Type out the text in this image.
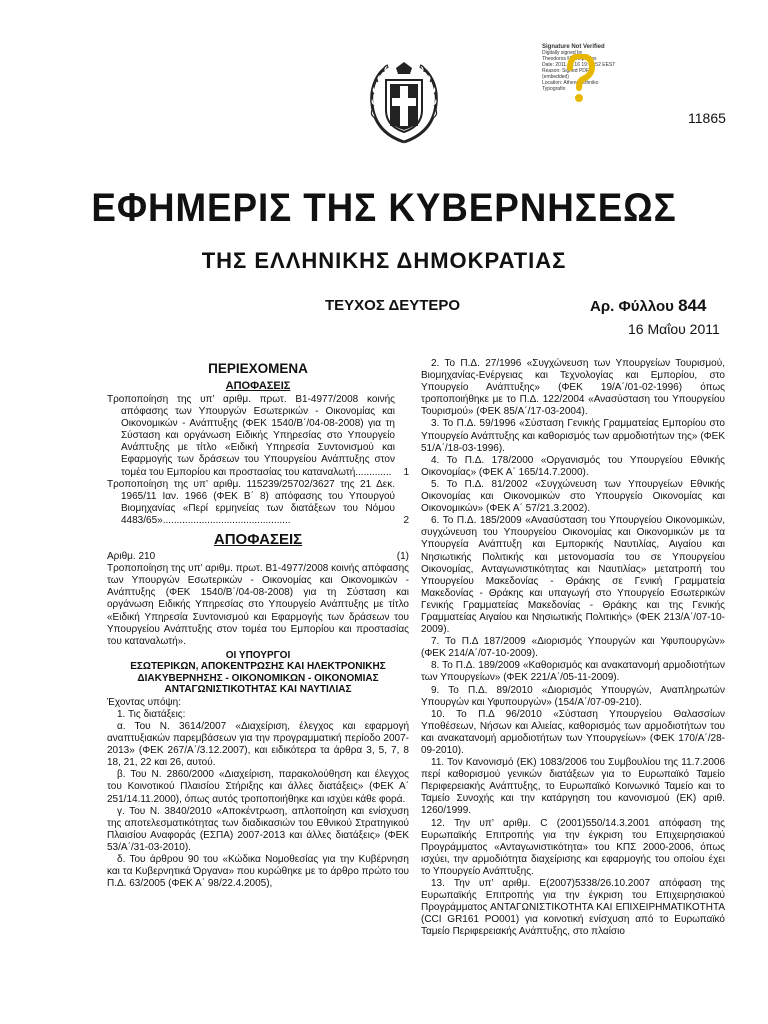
Signature Not Verified
Digitally signed by
Theodoros Miliotopoulos
Date: 2011.05.16 19:44:52 EEST
Reason: Signed PDF
(embedded)
Location: Athens, Ethniko
Typografio
11865
ΕΦΗΜΕΡΙΣ ΤΗΣ ΚΥΒΕΡΝΗΣΕΩΣ
ΤΗΣ ΕΛΛΗΝΙΚΗΣ ΔΗΜΟΚΡΑΤΙΑΣ
ΤΕΥΧΟΣ ΔΕΥΤΕΡΟ	Αρ. Φύλλου 844
16 Μαΐου 2011
ΠΕΡΙΕΧΟΜΕΝΑ
ΑΠΟΦΑΣΕΙΣ
Τροποποίηση της υπ’ αριθμ. πρωτ. Β1-4977/2008 κοινής απόφασης των Υπουργών Εσωτερικών - Οικονομίας και Οικονομικών - Ανάπτυξης (ΦΕΚ 1540/Β΄/04-08-2008) για τη Σύσταση και οργάνωση Ειδικής Υπηρεσίας στο Υπουργείο Ανάπτυξης με τίτλο «Ειδική Υπηρεσία Συντονισμού και Εφαρμογής των δράσεων του Υπουργείου Ανάπτυξης στον τομέα του Εμπορίου και προστασίας του καταναλωτή.............	1
Τροποποίηση της υπ’ αριθμ. 115239/25702/3627 της 21 Δεκ. 1965/11 Ιαν. 1966 (ΦΕΚ Β΄ 8) απόφασης του Υπουργού Βιομηχανίας «Περί ερμηνείας των διατάξεων του Νόμου 4483/65»..............................................	2
ΑΠΟΦΑΣΕΙΣ
Αριθμ. 210	(1)

Τροποποίηση της υπ’ αριθμ. πρωτ. Β1-4977/2008 κοινής απόφασης των Υπουργών Εσωτερικών - Οικονομίας και Οικονομικών - Ανάπτυξης (ΦΕΚ 1540/Β΄/04-08-2008) για τη Σύσταση και οργάνωση Ειδικής Υπηρεσίας στο Υπουργείο Ανάπτυξης με τίτλο «Ειδική Υπηρεσία Συντονισμού και Εφαρμογής των δράσεων του Υπουργείου Ανάπτυξης στον τομέα του Εμπορίου και προστασίας του καταναλωτή».

ΟΙ ΥΠΟΥΡΓΟΙ
ΕΣΩΤΕΡΙΚΩΝ, ΑΠΟΚΕΝΤΡΩΣΗΣ ΚΑΙ ΗΛΕΚΤΡΟΝΙΚΗΣ ΔΙΑΚΥΒΕΡΝΗΣΗΣ - ΟΙΚΟΝΟΜΙΚΩΝ - ΟΙΚΟΝΟΜΙΑΣ ΑΝΤΑΓΩΝΙΣΤΙΚΟΤΗΤΑΣ ΚΑΙ ΝΑΥΤΙΛΙΑΣ

Έχοντας υπόψη:

1. Τις διατάξεις:

α. Του Ν. 3614/2007 «Διαχείριση, έλεγχος και εφαρμογή αναπτυξιακών παρεμβάσεων για την προγραμματική περίοδο 2007-2013» (ΦΕΚ 267/Α΄/3.12.2007), και ειδικότερα τα άρθρα 3, 5, 7, 8 18, 21, 22 και 26, αυτού.

β. Του Ν. 2860/2000 «Διαχείριση, παρακολούθηση και έλεγχος του Κοινοτικού Πλαισίου Στήριξης και άλλες διατάξεις» (ΦΕΚ Α΄ 251/14.11.2000), όπως αυτός τροποποιήθηκε και ισχύει κάθε φορά.

γ. Του Ν. 3840/2010 «Αποκέντρωση, απλοποίηση και ενίσχυση της αποτελεσματικότητας των διαδικασιών του Εθνικού Στρατηγικού Πλαισίου Αναφοράς (ΕΣΠΑ) 2007-2013 και άλλες διατάξεις» (ΦΕΚ 53/Α΄/31-03-2010).

δ. Του άρθρου 90 του «Κώδικα Νομοθεσίας για την Κυβέρνηση και τα Κυβερνητικά Όργανα» που κυρώθηκε με το άρθρο πρώτο του Π.Δ. 63/2005 (ΦΕΚ Α΄ 98/22.4.2005),

2. Το Π.Δ. 27/1996 «Συγχώνευση των Υπουργείων Τουρισμού, Βιομηχανίας-Ενέργειας και Τεχνολογίας και Εμπορίου, στο Υπουργείο Ανάπτυξης» (ΦΕΚ 19/Α΄/01-02-1996) όπως τροποποιήθηκε με το Π.Δ. 122/2004 «Ανασύσταση του Υπουργείου Τουρισμού» (ΦΕΚ 85/Α΄/17-03-2004).

3. Το Π.Δ. 59/1996 «Σύσταση Γενικής Γραμματείας Εμπορίου στο Υπουργείο Ανάπτυξης και καθορισμός των αρμοδιοτήτων της» (ΦΕΚ 51/Α΄/18-03-1996).

4. Το Π.Δ. 178/2000 «Οργανισμός του Υπουργείου Εθνικής Οικονομίας» (ΦΕΚ Α΄ 165/14.7.2000).

5. Το Π.Δ. 81/2002 «Συγχώνευση των Υπουργείων Εθνικής Οικονομίας και Οικονομικών στο Υπουργείο Οικονομίας και Οικονομικών» (ΦΕΚ Α΄ 57/21.3.2002).

6. Το Π.Δ. 185/2009 «Ανασύσταση του Υπουργείου Οικονομικών, συγχώνευση του Υπουργείου Οικονομίας και Οικονομικών με τα Υπουργεία Ανάπτυξη και Εμπορικής Ναυτιλίας, Αιγαίου και Νησιωτικής Πολιτικής και μετονομασία του σε Υπουργείου Οικονομίας, Ανταγωνιστικότητας και Ναυτιλίας» μετατροπή του Υπουργείου Μακεδονίας - Θράκης σε Γενική Γραμματεία Μακεδονίας - Θράκης και υπαγωγή στο Υπουργείο Εσωτερικών Γενικής Γραμματείας Μακεδονίας - Θράκης και της Γενικής Γραμματείας Αιγαίου και Νησιωτικής Πολιτικής» (ΦΕΚ 213/Α΄/07-10-2009).

7. Το Π.Δ 187/2009 «Διορισμός Υπουργών και Υφυπουργών» (ΦΕΚ 214/Α΄/07-10-2009).

8. Το Π.Δ. 189/2009 «Καθορισμός και ανακατανομή αρμοδιοτήτων των Υπουργείων» (ΦΕΚ 221/Α΄/05-11-2009).

9. Το Π.Δ. 89/2010 «Διορισμός Υπουργών, Αναπληρωτών Υπουργών και Υφυπουργών» (154/Α΄/07-09-210).

10. Το Π.Δ 96/2010 «Σύσταση Υπουργείου Θαλασσίων Υποθέσεων, Νήσων και Αλιείας, καθορισμός των αρμοδιοτήτων του και ανακατανομή αρμοδιοτήτων των Υπουργείων» (ΦΕΚ 170/Α΄/28-09-2010).

11. Τον Κανονισμό (ΕΚ) 1083/2006 του Συμβουλίου της 11.7.2006 περί καθορισμού γενικών διατάξεων για το Ευρωπαϊκό Ταμείο Περιφερειακής Ανάπτυξης, το Ευρωπαϊκό Κοινωνικό Ταμείο και το Ταμείο Συνοχής και την κατάργηση του κανονισμού (ΕΚ) αριθ. 1260/1999.

12. Την υπ’ αριθμ. C (2001)550/14.3.2001 απόφαση της Ευρωπαϊκής Επιτροπής για την έγκριση του Επιχειρησιακού Προγράμματος «Ανταγωνιστικότητα» του ΚΠΣ 2000-2006, όπως ισχύει, την αρμοδιότητα διαχείρισης και εφαρμογής του οποίου έχει το Υπουργείο Ανάπτυξης.

13. Την υπ’ αριθμ. Ε(2007)5338/26.10.2007 απόφαση της Ευρωπαϊκής Επιτροπής για την έγκριση του Επιχειρησιακού Προγράμματος ΑΝΤΑΓΩΝΙΣΤΙΚΟΤΗΤΑ ΚΑΙ ΕΠΙΧΕΙΡΗΜΑΤΙΚΟΤΗΤΑ (CCI GR161 PO001) για κοινοτική ενίσχυση από το Ευρωπαϊκό Ταμείο Περιφερειακής Ανάπτυξης, στο πλαίσιο
